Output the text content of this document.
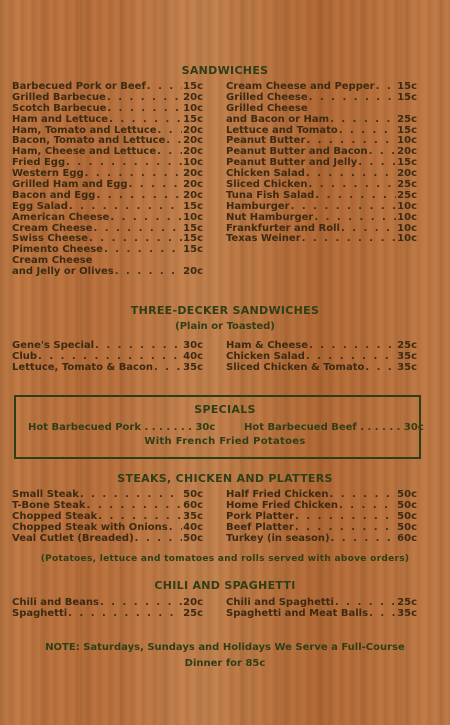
SANDWICHES
Barbecued Pork or Beef . . .	15c
Grilled Barbecue . . .	20c
Scotch Barbecue . . .	10c
Ham and Lettuce . . .	15c
Ham, Tomato and Lettuce . . .	20c
Bacon, Tomato and Lettuce . . . 20c
Ham, Cheese and Lettuce . . .	20c
Fried Egg . . .	10c
Western Egg . . .	20c
Grilled Ham and Egg . . .	20c
Bacon and Egg . . .	20c
Egg Salad . . .	15c
American Cheese . . .	10c
Cream Cheese . . .	15c
Swiss Cheese . . .	15c
Pimento Cheese . . .	15c
Cream Cheese
and Jelly or Olives . . .	20c
Cream Cheese and Pepper . . . 15c
Grilled Cheese . . .	15c
Grilled Cheese
and Bacon or Ham . . .	25c
Lettuce and Tomato . . .	15c
Peanut Butter . . .	10c
Peanut Butter and Bacon . . .	20c
Peanut Butter and Jelly . . .	15c
Chicken Salad . . .	20c
Sliced Chicken . . .	25c
Tuna Fish Salad . . .	25c
Hamburger . . .	10c
Nut Hamburger . . .	10c
Frankfurter and Roll . . .	10c
Texas Weiner . . .	10c
THREE-DECKER SANDWICHES
(Plain or Toasted)
Gene's Special . . .	30c
Club . . .	40c
Lettuce, Tomato & Bacon . . .	35c
Ham & Cheese . . .	25c
Chicken Salad . . .	35c
Sliced Chicken & Tomato . . .	35c
SPECIALS
Hot Barbecued Pork . . . . . . . 30c	Hot Barbecued Beef . . . . . . 30c
With French Fried Potatoes
STEAKS, CHICKEN AND PLATTERS
Small Steak . . .	50c
T-Bone Steak . . .	60c
Chopped Steak . . .	35c
Chopped Steak with Onions . . . 40c
Veal Cutlet (Breaded) . . .	50c
Half Fried Chicken . . .	50c
Home Fried Chicken . . .	50c
Pork Platter . . .	50c
Beef Platter . . .	50c
Turkey (in season) . . .	60c
(Potatoes, lettuce and tomatoes and rolls served with above orders)
CHILI AND SPAGHETTI
Chili and Beans . . .	20c
Spaghetti . . .	25c
Chili and Spaghetti . . .	25c
Spaghetti and Meat Balls . . .	35c
NOTE: Saturdays, Sundays and Holidays We Serve a Full-Course
Dinner for 85c
